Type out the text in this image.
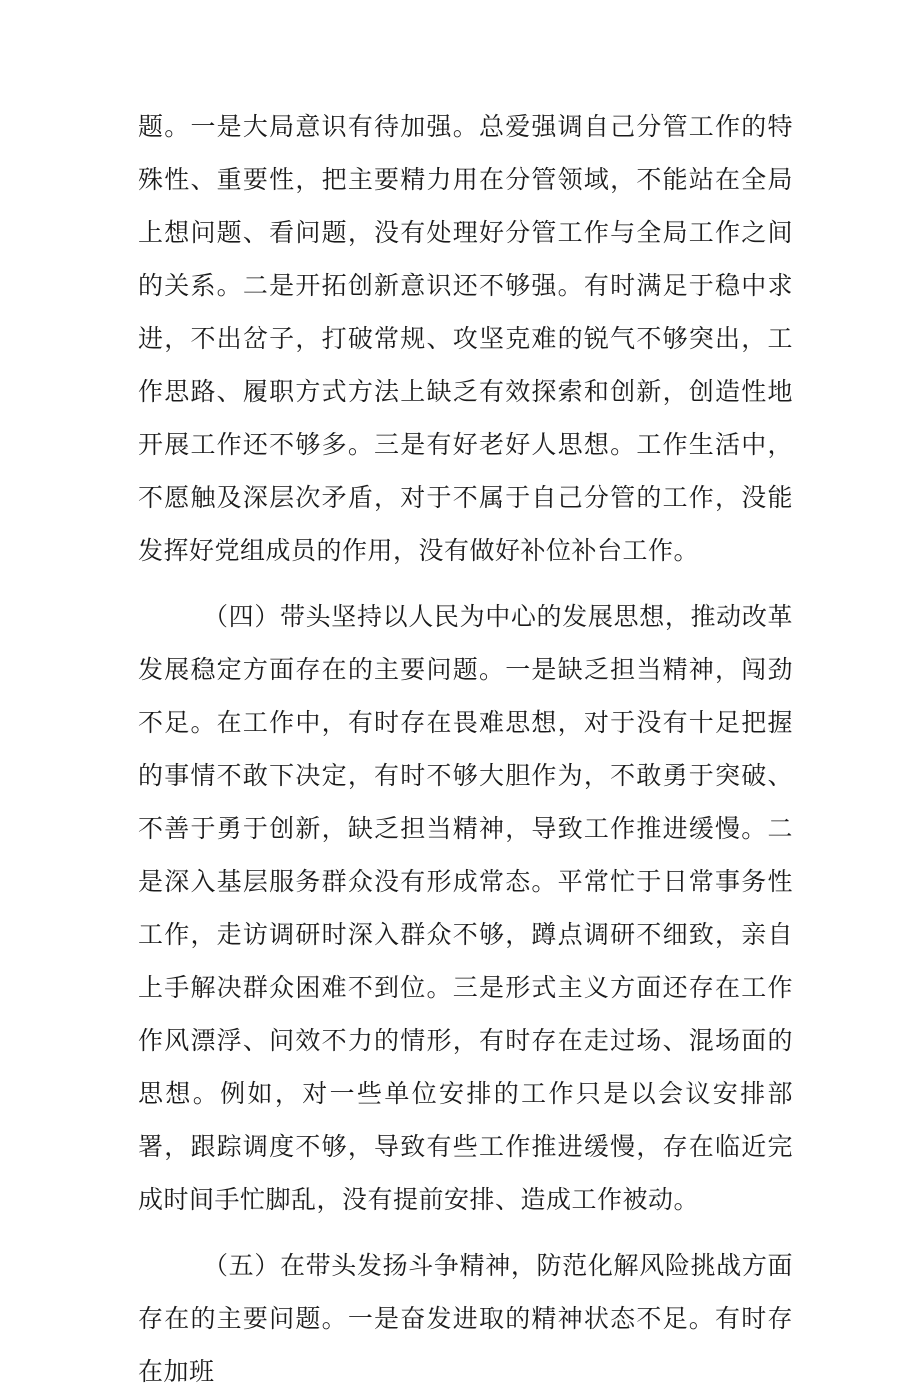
题。一是大局意识有待加强。总爱强调自己分管工作的特殊性、重要性，把主要精力用在分管领域，不能站在全局上想问题、看问题，没有处理好分管工作与全局工作之间的关系。二是开拓创新意识还不够强。有时满足于稳中求进，不出岔子，打破常规、攻坚克难的锐气不够突出，工作思路、履职方式方法上缺乏有效探索和创新，创造性地开展工作还不够多。三是有好老好人思想。工作生活中，不愿触及深层次矛盾，对于不属于自己分管的工作，没能发挥好党组成员的作用，没有做好补位补台工作。

（四）带头坚持以人民为中心的发展思想，推动改革发展稳定方面存在的主要问题。一是缺乏担当精神，闯劲不足。在工作中，有时存在畏难思想，对于没有十足把握的事情不敢下决定，有时不够大胆作为，不敢勇于突破、不善于勇于创新，缺乏担当精神，导致工作推进缓慢。二是深入基层服务群众没有形成常态。平常忙于日常事务性工作，走访调研时深入群众不够，蹲点调研不细致，亲自上手解决群众困难不到位。三是形式主义方面还存在工作作风漂浮、问效不力的情形，有时存在走过场、混场面的思想。例如，对一些单位安排的工作只是以会议安排部署，跟踪调度不够，导致有些工作推进缓慢，存在临近完成时间手忙脚乱，没有提前安排、造成工作被动。

（五）在带头发扬斗争精神，防范化解风险挑战方面存在的主要问题。一是奋发进取的精神状态不足。有时存在加班
